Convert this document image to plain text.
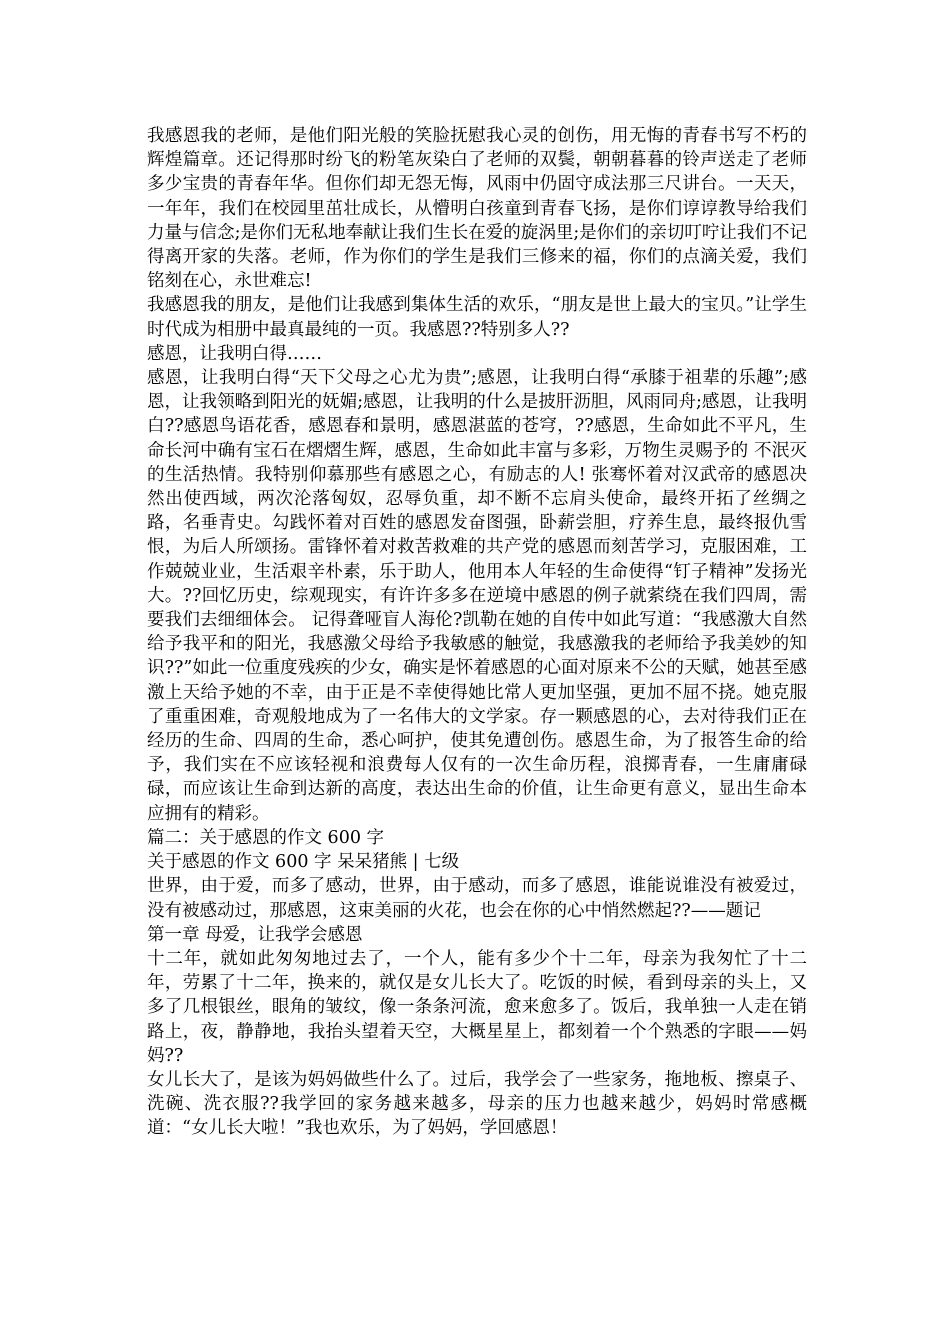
我感恩我的老师，是他们阳光般的笑脸抚慰我心灵的创伤，用无悔的青春书写不朽的辉煌篇章。还记得那时纷飞的粉笔灰染白了老师的双鬓，朝朝暮暮的铃声送走了老师多少宝贵的青春年华。但你们却无怨无悔，风雨中仍固守成法那三尺讲台。一天天，一年年，我们在校园里茁壮成长，从懵明白孩童到青春飞扬，是你们谆谆教导给我们力量与信念;是你们无私地奉献让我们生长在爱的旋涡里;是你们的亲切叮咛让我们不记得离开家的失落。老师，作为你们的学生是我们三修来的福，你们的点滴关爱，我们铭刻在心，永世难忘!

我感恩我的朋友，是他们让我感到集体生活的欢乐，“朋友是世上最大的宝贝。”让学生时代成为相册中最真最纯的一页。我感恩??特别多人??

感恩，让我明白得……

感恩，让我明白得“天下父母之心尤为贵”;感恩，让我明白得“承膝于祖辈的乐趣”;感恩，让我领略到阳光的妩媚;感恩，让我明的什么是披肝沥胆，风雨同舟;感恩，让我明白??感恩鸟语花香，感恩春和景明，感恩湛蓝的苍穹，??感恩，生命如此不平凡，生命长河中确有宝石在熠熠生辉，感恩，生命如此丰富与多彩，万物生灵赐予的 不泯灭的生活热情。我特别仰慕那些有感恩之心，有励志的人! 张骞怀着对汉武帝的感恩决然出使西域，两次沦落匈奴，忍辱负重，却不断不忘肩头使命，最终开拓了丝绸之路，名垂青史。勾践怀着对百姓的感恩发奋图强，卧薪尝胆，疗养生息，最终报仇雪恨，为后人所颂扬。雷锋怀着对救苦救难的共产党的感恩而刻苦学习，克服困难，工作兢兢业业，生活艰辛朴素，乐于助人，他用本人年轻的生命使得“钉子精神”发扬光大。??回忆历史，综观现实，有许许多多在逆境中感恩的例子就萦绕在我们四周，需要我们去细细体会。 记得聋哑盲人海伦?凯勒在她的自传中如此写道：“我感激大自然给予我平和的阳光，我感激父母给予我敏感的触觉，我感激我的老师给予我美妙的知识??”如此一位重度残疾的少女，确实是怀着感恩的心面对原来不公的天赋，她甚至感激上天给予她的不幸，由于正是不幸使得她比常人更加坚强，更加不屈不挠。她克服了重重困难，奇观般地成为了一名伟大的文学家。存一颗感恩的心，去对待我们正在经历的生命、四周的生命，悉心呵护，使其免遭创伤。感恩生命，为了报答生命的给予，我们实在不应该轻视和浪费每人仅有的一次生命历程，浪掷青春，一生庸庸碌碌，而应该让生命到达新的高度，表达出生命的价值，让生命更有意义，显出生命本应拥有的精彩。

篇二：关于感恩的作文 600 字

关于感恩的作文 600 字 呆呆猪熊 | 七级

世界，由于爱，而多了感动，世界，由于感动，而多了感恩，谁能说谁没有被爱过，没有被感动过，那感恩，这束美丽的火花，也会在你的心中悄然燃起??——题记

第一章 母爱，让我学会感恩

十二年，就如此匆匆地过去了，一个人，能有多少个十二年，母亲为我匆忙了十二年，劳累了十二年，换来的，就仅是女儿长大了。吃饭的时候，看到母亲的头上，又多了几根银丝，眼角的皱纹，像一条条河流，愈来愈多了。饭后，我单独一人走在销路上，夜，静静地，我抬头望着天空，大概星星上，都刻着一个个熟悉的字眼——妈妈??

女儿长大了，是该为妈妈做些什么了。过后，我学会了一些家务，拖地板、擦桌子、洗碗、洗衣服??我学回的家务越来越多，母亲的压力也越来越少，妈妈时常感概道：“女儿长大啦！”我也欢乐，为了妈妈，学回感恩！
